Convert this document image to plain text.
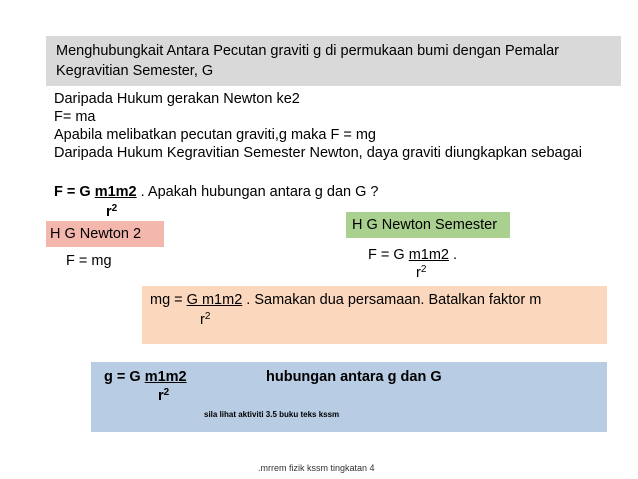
Menghubungkait Antara Pecutan graviti g di permukaan bumi dengan Pemalar
Kegravitian Semester, G
Daripada Hukum gerakan Newton ke2
F= ma
Apabila melibatkan pecutan graviti,g maka F = mg
Daripada Hukum Kegravitian Semester Newton, daya graviti diungkapkan sebagai
F = G m1m2 . Apakah hubungan antara g dan G ?
$r^2$
H G Newton 2
H G Newton Semester
F = mg	F = G m1m2 .
$r^2$
mg = G m1m2 . Samakan dua persamaan. Batalkan faktor m
$r^2$
g = G m1m2	hubungan antara g dan G
$r^2$
sila lihat aktiviti 3.5 buku teks kssm
.mrrem fizik kssm tingkatan 4
